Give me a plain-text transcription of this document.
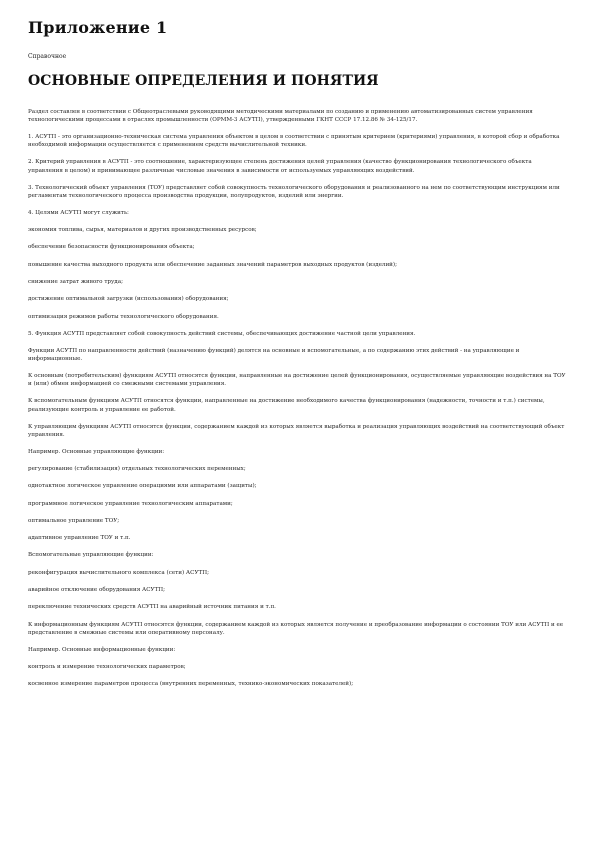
Приложение 1
Справочное
ОСНОВНЫЕ ОПРЕДЕЛЕНИЯ И ПОНЯТИЯ

Раздел составлен в соответствии с Общеотраслевыми руководящими методическими материалами по созданию и применению автоматизированных систем управления технологическими процессами в отраслях промышленности (ОРММ-3 АСУТП), утвержденными ГКНТ СССР 17.12.86 № 34-125/17.

1. АСУТП - это организационно-техническая система управления объектом в целом в соответствии с принятым критерием (критериями) управления, в которой сбор и обработка необходимой информации осуществляется с применением средств вычислительной техники.

2. Критерий управления в АСУТП - это соотношение, характеризующее степень достижения целей управления (качество функционирования технологического объекта управления в целом) и принимающее различные числовые значения в зависимости от используемых управляющих воздействий.

3. Технологический объект управления (ТОУ) представляет собой совокупность технологического оборудования и реализованного на нем по соответствующим инструкциям или регламентам технологического процесса производства продукции, полупродуктов, изделий или энергии.

4. Целями АСУТП могут служить:

экономия топлива, сырья, материалов и других производственных ресурсов;

обеспечение безопасности функционирования объекта;

повышение качества выходного продукта или обеспечение заданных значений параметров выходных продуктов (изделий);

снижение затрат живого труда;

достижение оптимальной загрузки (использования) оборудования;

оптимизация режимов работы технологического оборудования.

5. Функция АСУТП представляет собой совокупность действий системы, обеспечивающих достижение частной цели управления.

Функции АСУТП по направленности действий (назначению функций) делятся на основные и вспомогательные, а по содержанию этих действий - на управляющие и информационные.

К основным (потребительским) функциям АСУТП относятся функции, направленные на достижение целей функционирования, осуществляемые управляющие воздействия на ТОУ и (или) обмен информацией со смежными системами управления.

К вспомогательным функциям АСУТП относятся функции, направленные на достижение необходимого качества функционирования (надежности, точности и т.п.) системы, реализующие контроль и управление ее работой.

К управляющим функциям АСУТП относятся функции, содержанием каждой из которых является выработка и реализация управляющих воздействий на соответствующий объект управления.

Например. Основные управляющие функции:

регулирование (стабилизация) отдельных технологических переменных;

однотактное логическое управление операциями или аппаратами (защиты);

программное логическое управление технологическим аппаратами;

оптимальное управление ТОУ;

адаптивное управление ТОУ и т.п.

Вспомогательные управляющие функции:

реконфигурация вычислительного комплекса (сети) АСУТП;

аварийное отключение оборудования АСУТП;

переключение технических средств АСУТП на аварийный источник питания и т.п.

К информационным функциям АСУТП относятся функции, содержанием каждой из которых является получение и преобразование информации о состоянии ТОУ или АСУТП и ее представление в смежные системы или оперативному персоналу.

Например. Основные информационные функции:

контроль и измерение технологических параметров;

косвенное измерение параметров процесса (внутренних переменных, технико-экономических показателей);
